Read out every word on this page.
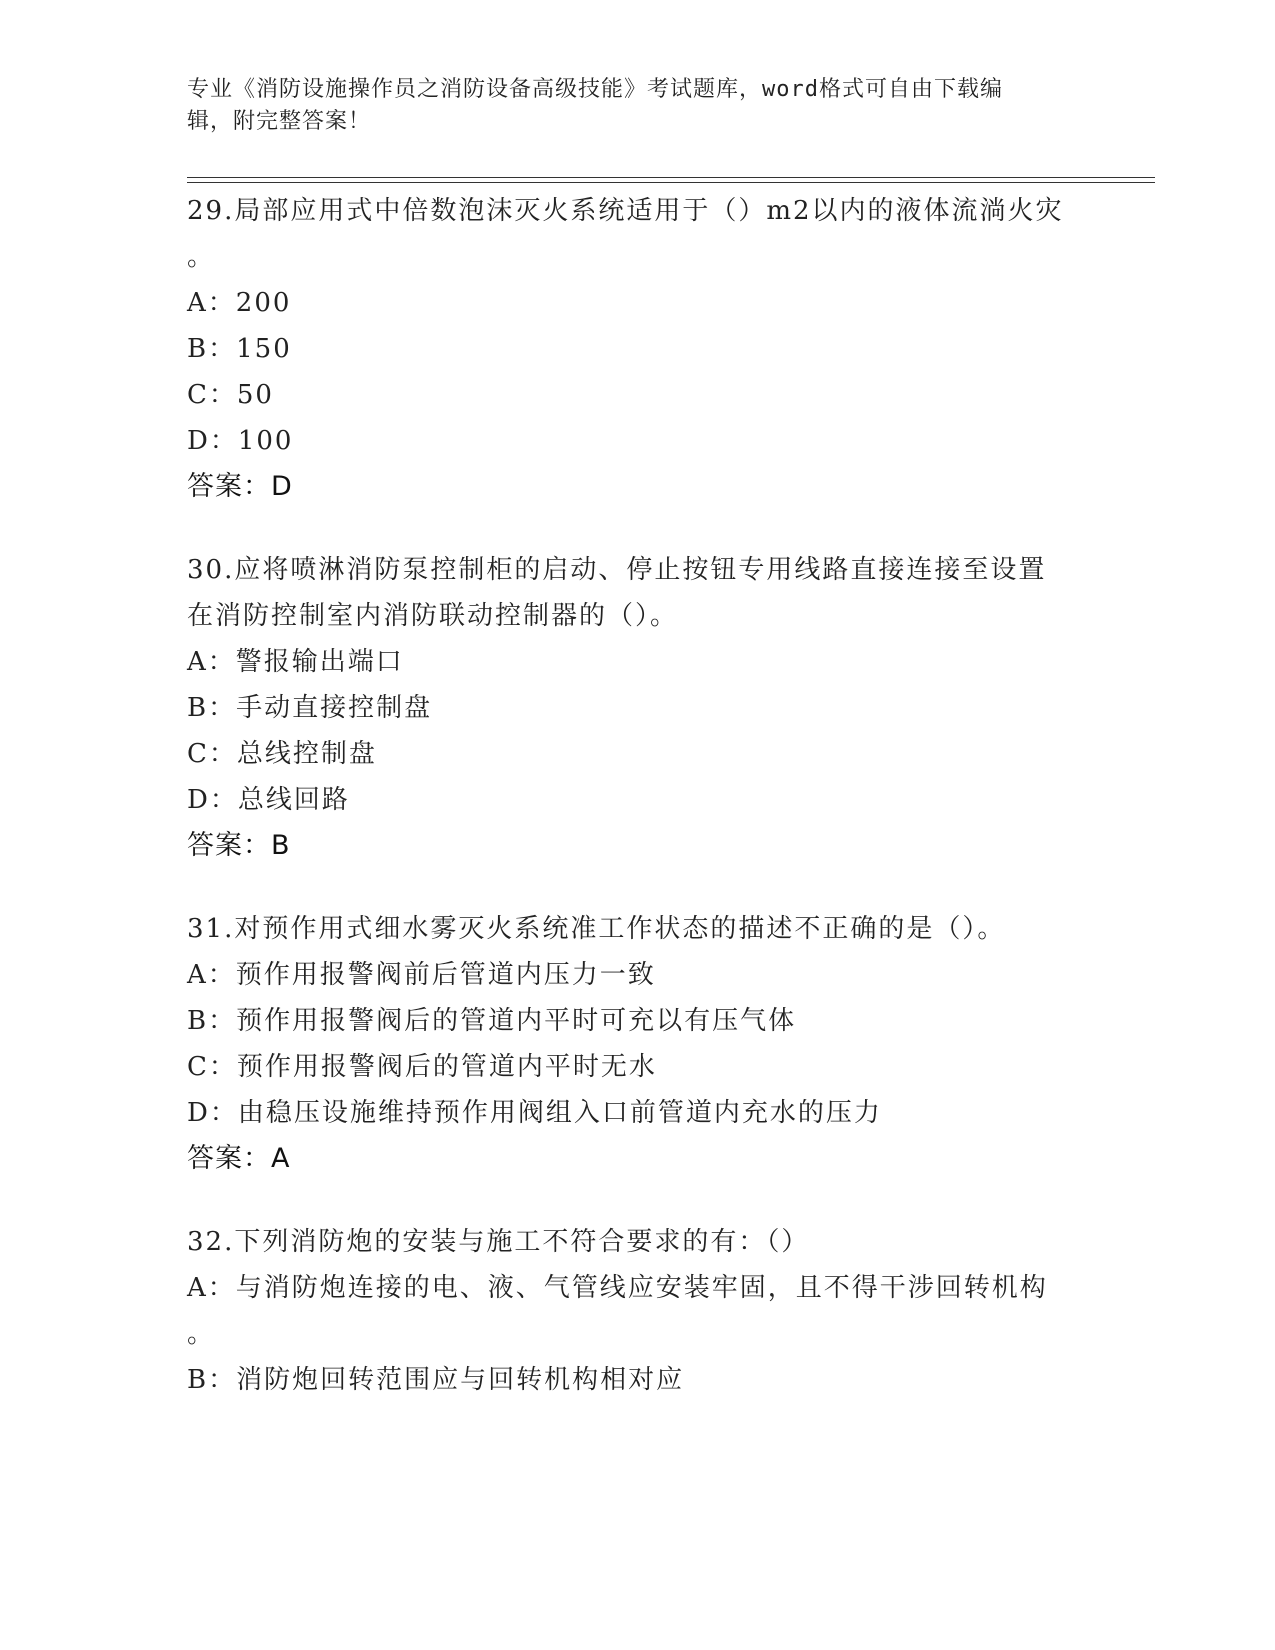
专业《消防设施操作员之消防设备高级技能》考试题库，word格式可自由下载编
辑，附完整答案！
29.局部应用式中倍数泡沫灭火系统适用于（）m2以内的液体流淌火灾
。
A：200
B：150
C：50
D：100
答案：D
30.应将喷淋消防泵控制柜的启动、停止按钮专用线路直接连接至设置
在消防控制室内消防联动控制器的（）。
A：警报输出端口
B：手动直接控制盘
C：总线控制盘
D：总线回路
答案：B
31.对预作用式细水雾灭火系统准工作状态的描述不正确的是（）。
A：预作用报警阀前后管道内压力一致
B：预作用报警阀后的管道内平时可充以有压气体
C：预作用报警阀后的管道内平时无水
D：由稳压设施维持预作用阀组入口前管道内充水的压力
答案：A
32.下列消防炮的安装与施工不符合要求的有：（）
A：与消防炮连接的电、液、气管线应安装牢固，且不得干涉回转机构
。
B：消防炮回转范围应与回转机构相对应
